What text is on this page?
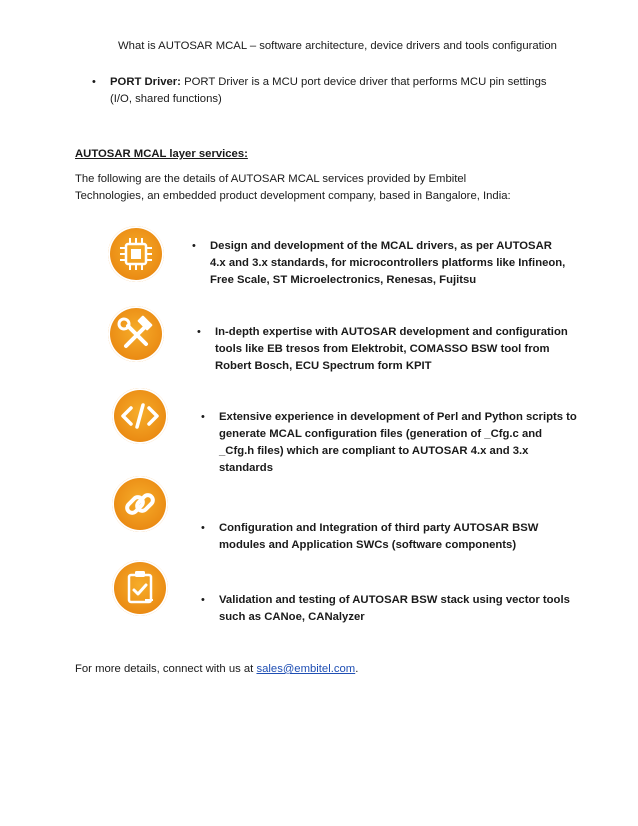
What is AUTOSAR MCAL – software architecture, device drivers and tools configuration
• PORT Driver: PORT Driver is a MCU port device driver that performs MCU pin settings (I/O, shared functions)
AUTOSAR MCAL layer services:
The following are the details of AUTOSAR MCAL services provided by Embitel Technologies, an embedded product development company, based in Bangalore, India:
• Design and development of the MCAL drivers, as per AUTOSAR 4.x and 3.x standards, for microcontrollers platforms like Infineon, Free Scale, ST Microelectronics, Renesas, Fujitsu
• In-depth expertise with AUTOSAR development and configuration tools like EB tresos from Elektrobit, COMASSO BSW tool from Robert Bosch, ECU Spectrum form KPIT
• Extensive experience in development of Perl and Python scripts to generate MCAL configuration files (generation of _Cfg.c and _Cfg.h files) which are compliant to AUTOSAR 4.x and 3.x standards
• Configuration and Integration of third party AUTOSAR BSW modules and Application SWCs (software components)
• Validation and testing of AUTOSAR BSW stack using vector tools such as CANoe, CANalyzer
For more details, connect with us at sales@embitel.com.
